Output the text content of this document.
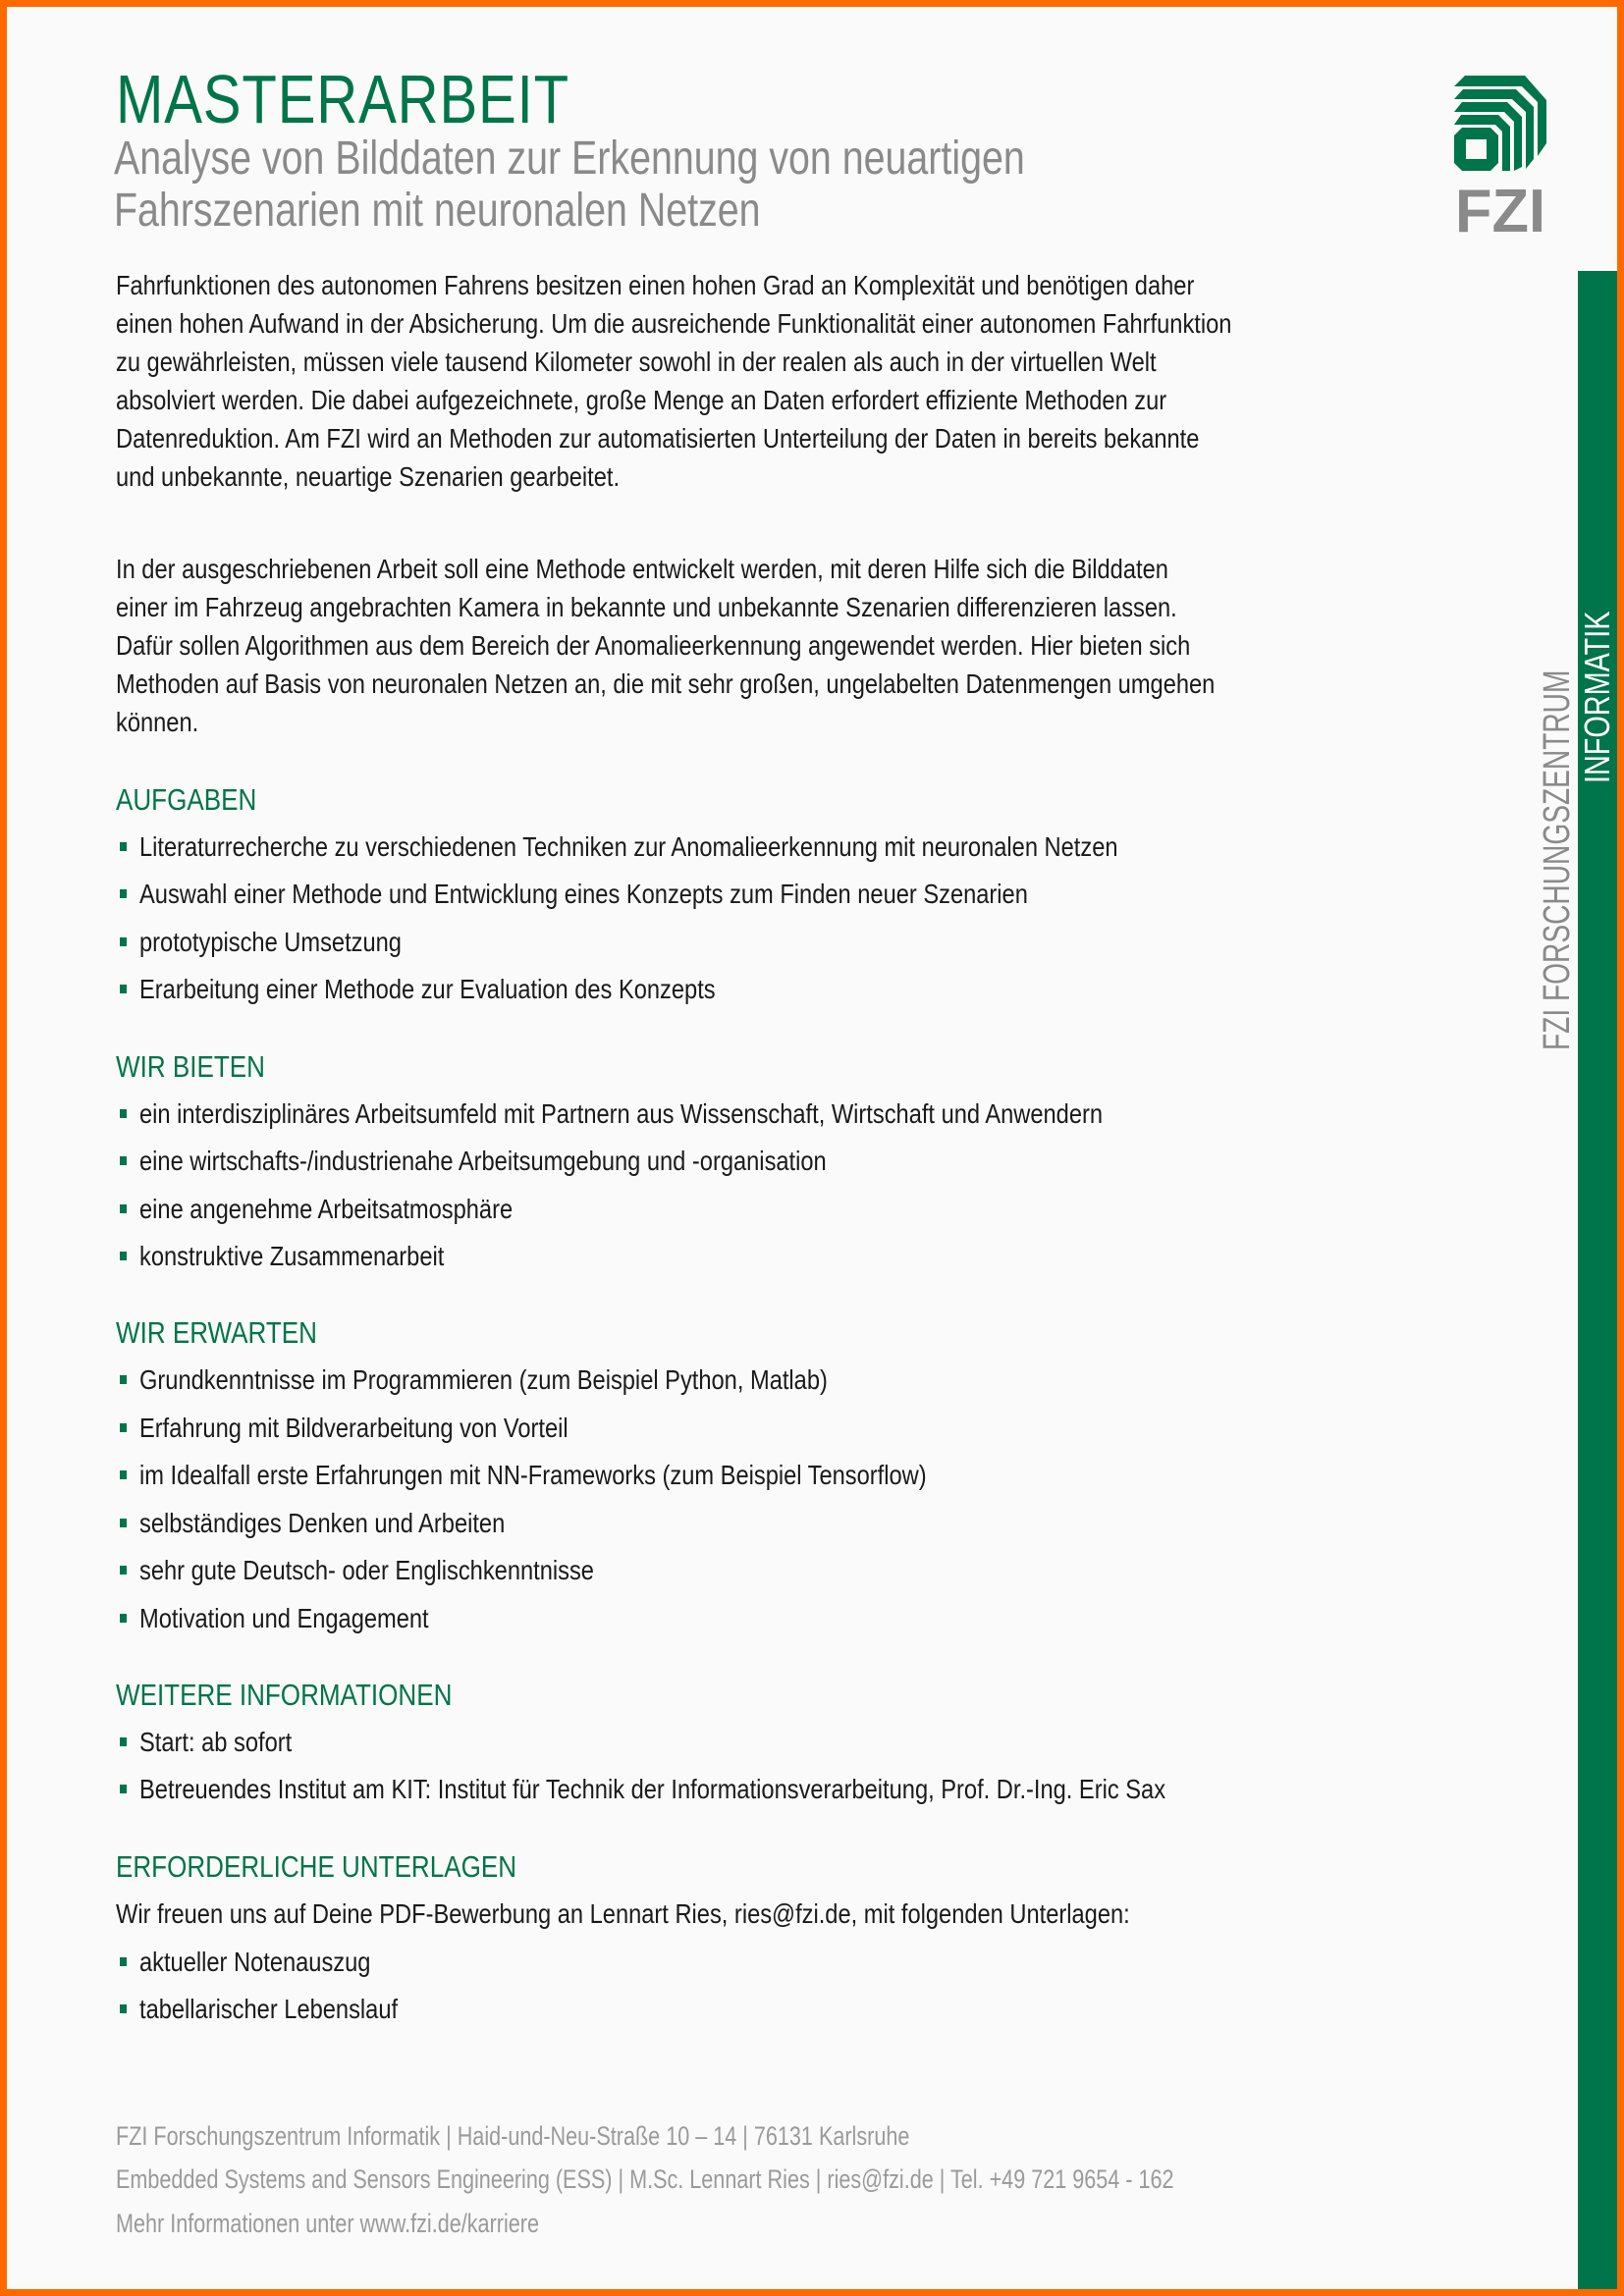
FZI FORSCHUNGSZENTRUM INFORMATIK
FZI
MASTERARBEIT
Analyse von Bilddaten zur Erkennung von neuartigen
Fahrszenarien mit neuronalen Netzen
Fahrfunktionen des autonomen Fahrens besitzen einen hohen Grad an Komplexität und benötigen daher
einen hohen Aufwand in der Absicherung. Um die ausreichende Funktionalität einer autonomen Fahrfunktion
zu gewährleisten, müssen viele tausend Kilometer sowohl in der realen als auch in der virtuellen Welt
absolviert werden. Die dabei aufgezeichnete, große Menge an Daten erfordert effiziente Methoden zur
Datenreduktion. Am FZI wird an Methoden zur automatisierten Unterteilung der Daten in bereits bekannte
und unbekannte, neuartige Szenarien gearbeitet.
In der ausgeschriebenen Arbeit soll eine Methode entwickelt werden, mit deren Hilfe sich die Bilddaten
einer im Fahrzeug angebrachten Kamera in bekannte und unbekannte Szenarien differenzieren lassen.
Dafür sollen Algorithmen aus dem Bereich der Anomalieerkennung angewendet werden. Hier bieten sich
Methoden auf Basis von neuronalen Netzen an, die mit sehr großen, ungelabelten Datenmengen umgehen
können.
AUFGABEN
Literaturrecherche zu verschiedenen Techniken zur Anomalieerkennung mit neuronalen Netzen
Auswahl einer Methode und Entwicklung eines Konzepts zum Finden neuer Szenarien
prototypische Umsetzung
Erarbeitung einer Methode zur Evaluation des Konzepts
WIR BIETEN
ein interdisziplinäres Arbeitsumfeld mit Partnern aus Wissenschaft, Wirtschaft und Anwendern
eine wirtschafts-/industrienahe Arbeitsumgebung und -organisation
eine angenehme Arbeitsatmosphäre
konstruktive Zusammenarbeit
WIR ERWARTEN
Grundkenntnisse im Programmieren (zum Beispiel Python, Matlab)
Erfahrung mit Bildverarbeitung von Vorteil
im Idealfall erste Erfahrungen mit NN-Frameworks (zum Beispiel Tensorflow)
selbständiges Denken und Arbeiten
sehr gute Deutsch- oder Englischkenntnisse
Motivation und Engagement
WEITERE INFORMATIONEN
Start: ab sofort
Betreuendes Institut am KIT: Institut für Technik der Informationsverarbeitung, Prof. Dr.-Ing. Eric Sax
ERFORDERLICHE UNTERLAGEN
Wir freuen uns auf Deine PDF-Bewerbung an Lennart Ries, ries@fzi.de, mit folgenden Unterlagen:
aktueller Notenauszug
tabellarischer Lebenslauf
FZI Forschungszentrum Informatik | Haid-und-Neu-Straße 10 – 14 | 76131 Karlsruhe
Embedded Systems and Sensors Engineering (ESS) | M.Sc. Lennart Ries | ries@fzi.de | Tel. +49 721 9654 - 162
Mehr Informationen unter www.fzi.de/karriere
